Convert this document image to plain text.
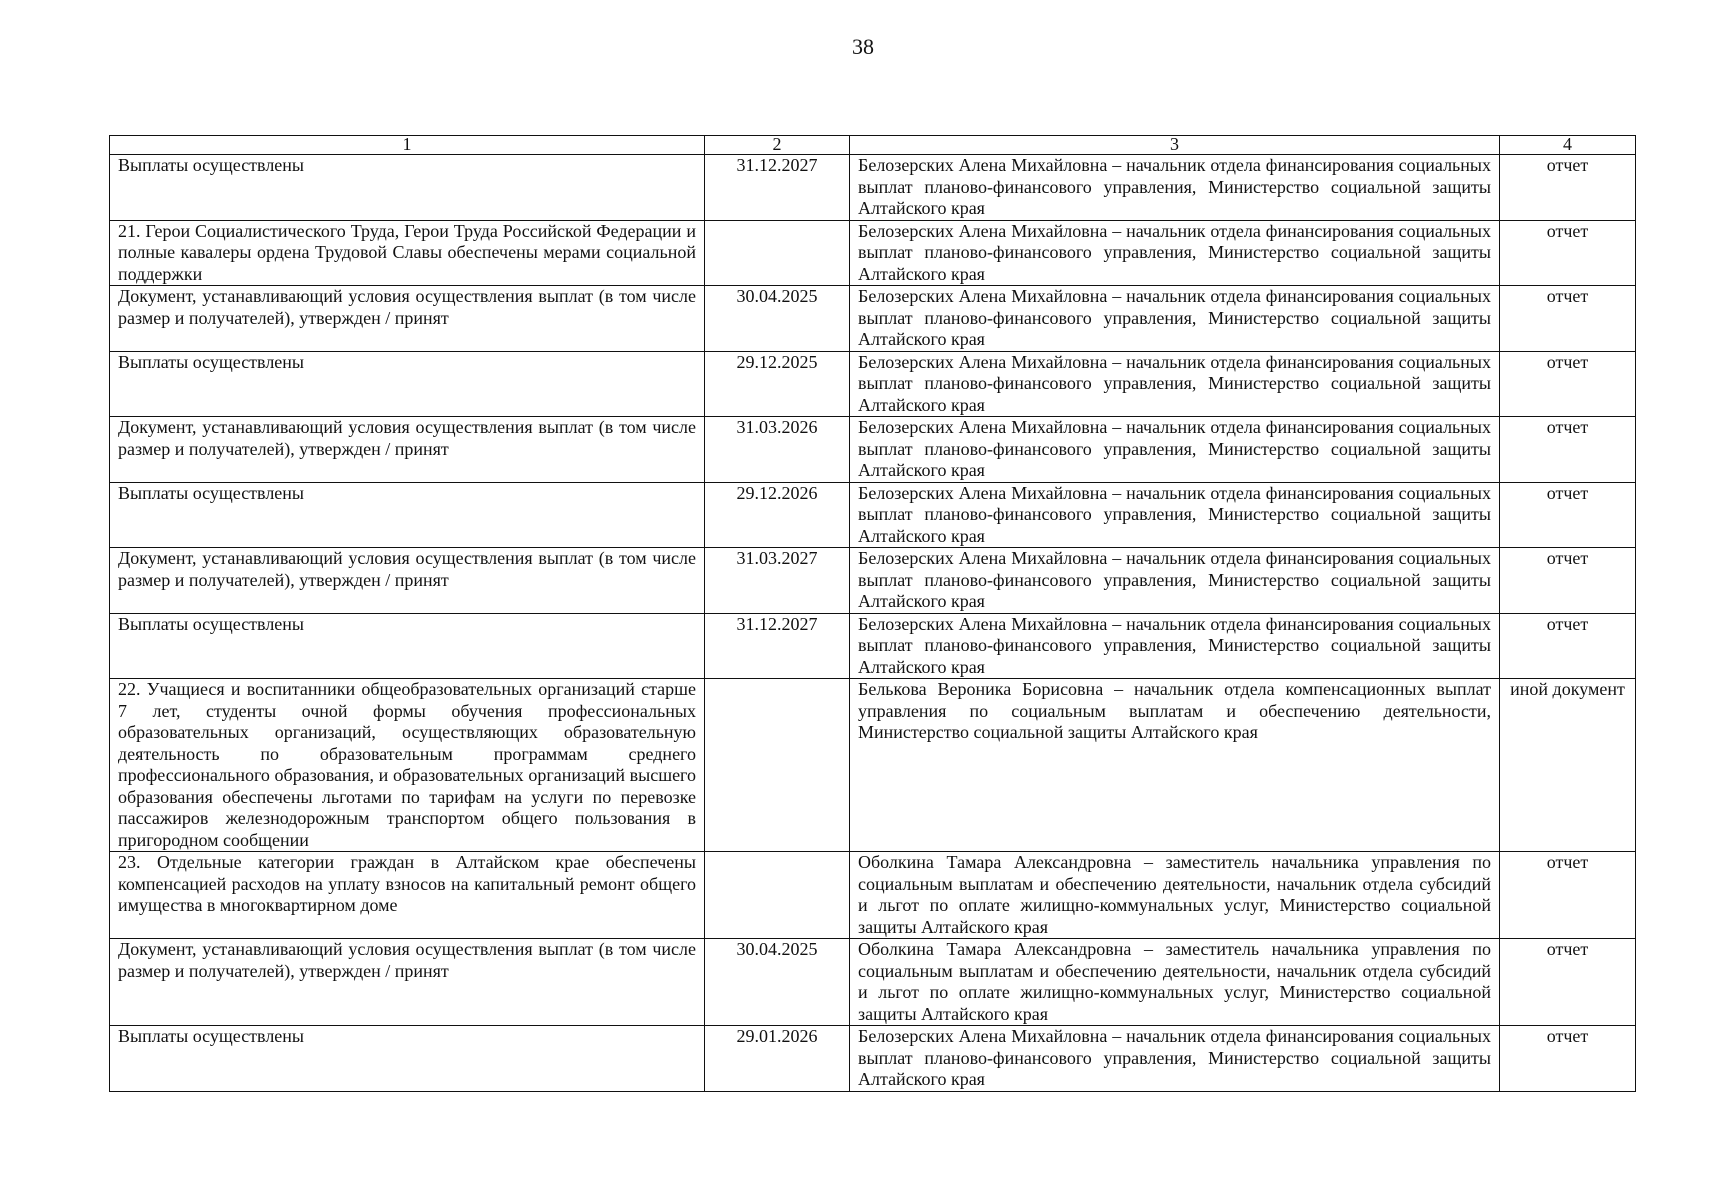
38
1	2	3	4
Выплаты осуществлены	31.12.2027	Белозерских Алена Михайловна – начальник отдела финансирования социальных выплат планово-финансового управления, Министерство социальной защиты Алтайского края	отчет
21. Герои Социалистического Труда, Герои Труда Российской Федерации и полные кавалеры ордена Трудовой Славы обеспечены мерами социальной поддержки		Белозерских Алена Михайловна – начальник отдела финансирования социальных выплат планово-финансового управления, Министерство социальной защиты Алтайского края	отчет
Документ, устанавливающий условия осуществления выплат (в том числе размер и получателей), утвержден / принят	30.04.2025	Белозерских Алена Михайловна – начальник отдела финансирования социальных выплат планово-финансового управления, Министерство социальной защиты Алтайского края	отчет
Выплаты осуществлены	29.12.2025	Белозерских Алена Михайловна – начальник отдела финансирования социальных выплат планово-финансового управления, Министерство социальной защиты Алтайского края	отчет
Документ, устанавливающий условия осуществления выплат (в том числе размер и получателей), утвержден / принят	31.03.2026	Белозерских Алена Михайловна – начальник отдела финансирования социальных выплат планово-финансового управления, Министерство социальной защиты Алтайского края	отчет
Выплаты осуществлены	29.12.2026	Белозерских Алена Михайловна – начальник отдела финансирования социальных выплат планово-финансового управления, Министерство социальной защиты Алтайского края	отчет
Документ, устанавливающий условия осуществления выплат (в том числе размер и получателей), утвержден / принят	31.03.2027	Белозерских Алена Михайловна – начальник отдела финансирования социальных выплат планово-финансового управления, Министерство социальной защиты Алтайского края	отчет
Выплаты осуществлены	31.12.2027	Белозерских Алена Михайловна – начальник отдела финансирования социальных выплат планово-финансового управления, Министерство социальной защиты Алтайского края	отчет
22. Учащиеся и воспитанники общеобразовательных организаций старше 7 лет, студенты очной формы обучения профессиональных образовательных организаций, осуществляющих образовательную деятельность по образовательным программам среднего профессионального образования, и образовательных организаций высшего образования обеспечены льготами по тарифам на услуги по перевозке пассажиров железнодорожным транспортом общего пользования в пригородном сообщении		Белькова Вероника Борисовна – начальник отдела компенсационных выплат управления по социальным выплатам и обеспечению деятельности, Министерство социальной защиты Алтайского края	иной документ
23. Отдельные категории граждан в Алтайском крае обеспечены компенсацией расходов на уплату взносов на капитальный ремонт общего имущества в многоквартирном доме		Оболкина Тамара Александровна – заместитель начальника управления по социальным выплатам и обеспечению деятельности, начальник отдела субсидий и льгот по оплате жилищно-коммунальных услуг, Министерство социальной защиты Алтайского края	отчет
Документ, устанавливающий условия осуществления выплат (в том числе размер и получателей), утвержден / принят	30.04.2025	Оболкина Тамара Александровна – заместитель начальника управления по социальным выплатам и обеспечению деятельности, начальник отдела субсидий и льгот по оплате жилищно-коммунальных услуг, Министерство социальной защиты Алтайского края	отчет
Выплаты осуществлены	29.01.2026	Белозерских Алена Михайловна – начальник отдела финансирования социальных выплат планово-финансового управления, Министерство социальной защиты Алтайского края	отчет
